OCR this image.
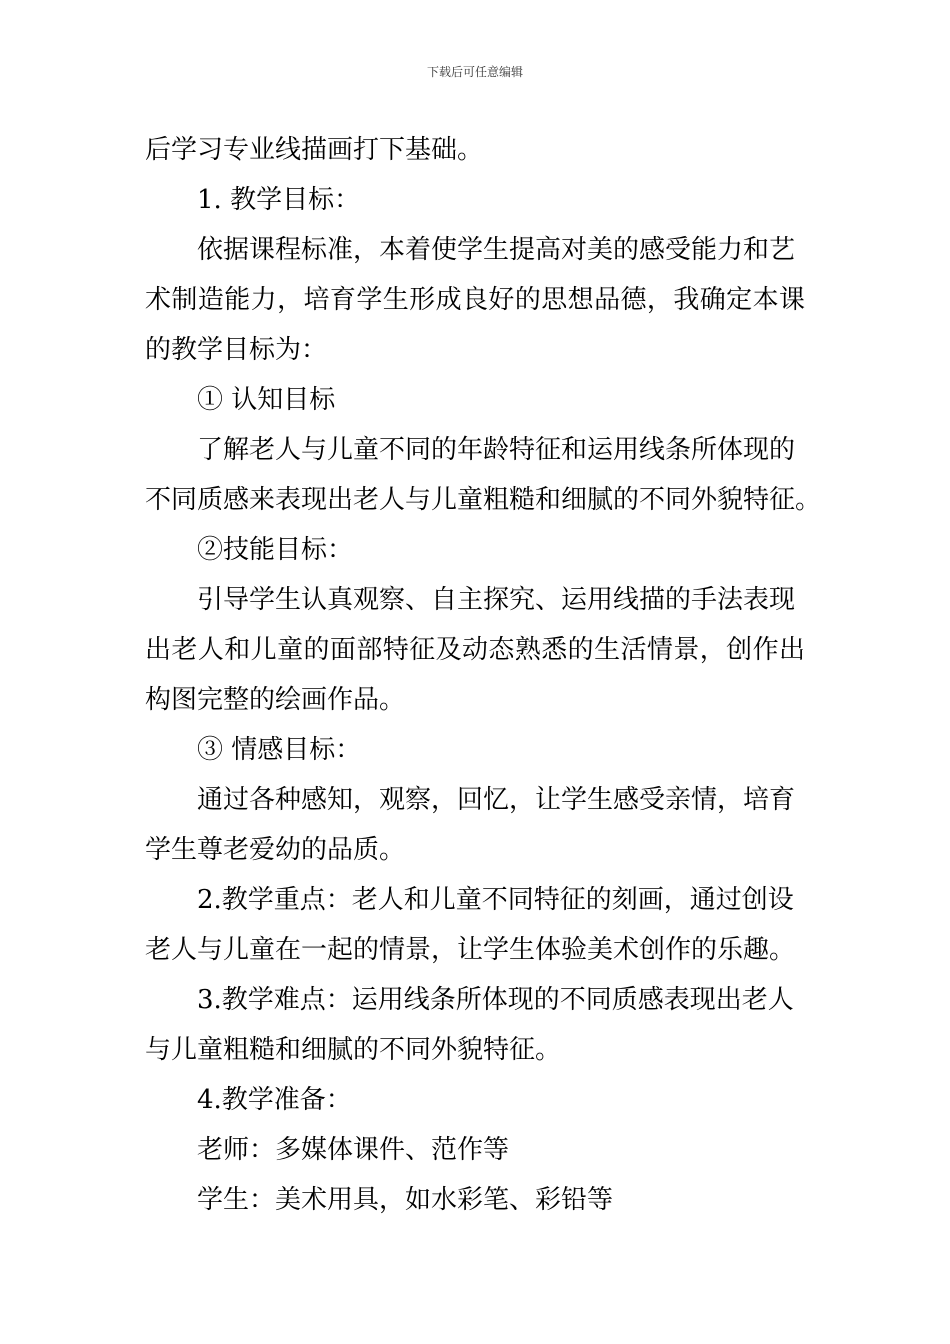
下载后可任意编辑
后学习专业线描画打下基础。
1. 教学目标：
依据课程标准，本着使学生提高对美的感受能力和艺
术制造能力，培育学生形成良好的思想品德，我确定本课
的教学目标为：
① 认知目标
了解老人与儿童不同的年龄特征和运用线条所体现的
不同质感来表现出老人与儿童粗糙和细腻的不同外貌特征。
②技能目标：
引导学生认真观察、自主探究、运用线描的手法表现
出老人和儿童的面部特征及动态熟悉的生活情景，创作出
构图完整的绘画作品。
③ 情感目标：
通过各种感知，观察，回忆，让学生感受亲情，培育
学生尊老爱幼的品质。
2.教学重点：老人和儿童不同特征的刻画，通过创设
老人与儿童在一起的情景，让学生体验美术创作的乐趣。
3.教学难点：运用线条所体现的不同质感表现出老人
与儿童粗糙和细腻的不同外貌特征。
4.教学准备：
老师：多媒体课件、范作等
学生：美术用具，如水彩笔、彩铅等
